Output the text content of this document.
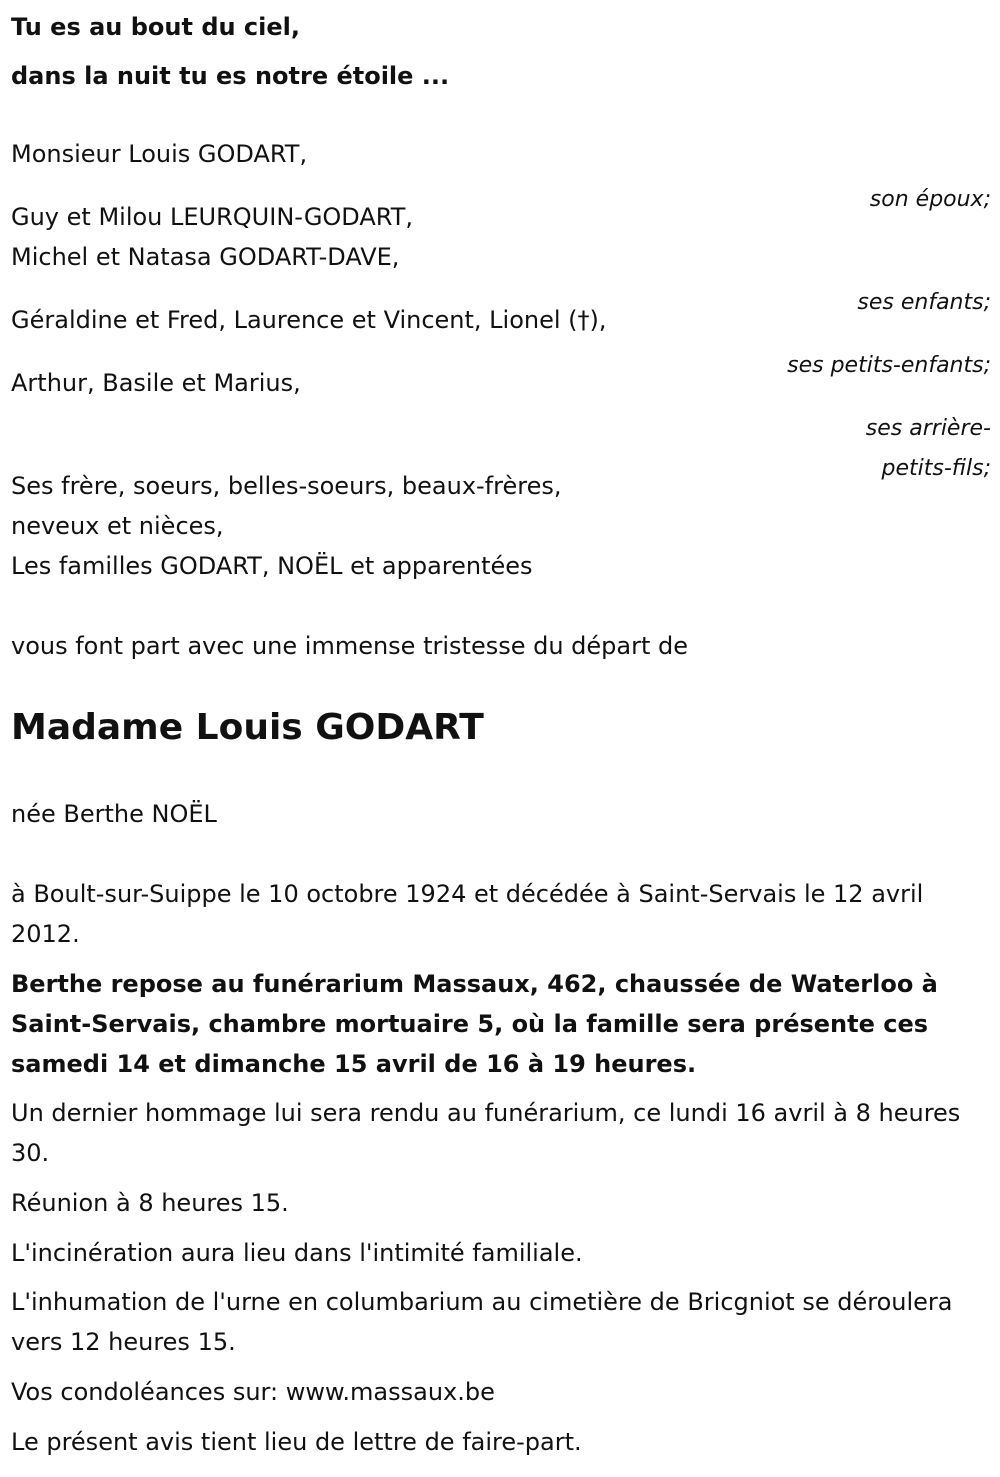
Tu es au bout du ciel,

dans la nuit tu es notre étoile ...

Monsieur Louis GODART,

son époux;

Guy et Milou LEURQUIN-GODART,

Michel et Natasa GODART-DAVE,

ses enfants;

Géraldine et Fred, Laurence et Vincent, Lionel (†),

ses petits-enfants;

Arthur, Basile et Marius,

ses arrière-

petits-fils;

Ses frère, soeurs, belles-soeurs, beaux-frères,

neveux et nièces,

Les familles GODART, NOËL et apparentées

vous font part avec une immense tristesse du départ de

Madame Louis GODART

née Berthe NOËL

à Boult-sur-Suippe le 10 octobre 1924 et décédée à Saint-Servais le 12 avril 2012.

Berthe repose au funérarium Massaux, 462, chaussée de Waterloo à Saint-Servais, chambre mortuaire 5, où la famille sera présente ces samedi 14 et dimanche 15 avril de 16 à 19 heures.

Un dernier hommage lui sera rendu au funérarium, ce lundi 16 avril à 8 heures 30.

Réunion à 8 heures 15.

L'incinération aura lieu dans l'intimité familiale.

L'inhumation de l'urne en columbarium au cimetière de Bricgniot se déroulera vers 12 heures 15.

Vos condoléances sur: www.massaux.be

Le présent avis tient lieu de lettre de faire-part.
